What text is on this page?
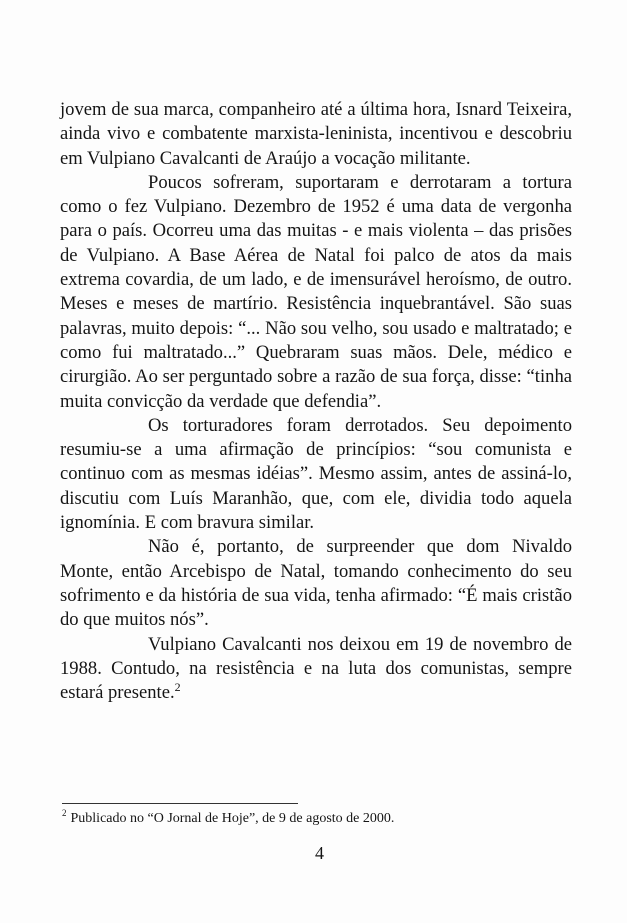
jovem de sua marca, companheiro até a última hora, Isnard Teixeira, ainda vivo e combatente marxista-leninista, incentivou e descobriu em Vulpiano Cavalcanti de Araújo a vocação militante.

Poucos sofreram, suportaram e derrotaram a tortura como o fez Vulpiano. Dezembro de 1952 é uma data de vergonha para o país. Ocorreu uma das muitas - e mais violenta – das prisões de Vulpiano. A Base Aérea de Natal foi palco de atos da mais extrema covardia, de um lado, e de imensurável heroísmo, de outro. Meses e meses de martírio. Resistência inquebrantável. São suas palavras, muito depois: “... Não sou velho, sou usado e maltratado; e como fui maltratado...” Quebraram suas mãos. Dele, médico e cirurgião. Ao ser perguntado sobre a razão de sua força, disse: “tinha muita convicção da verdade que defendia”.

Os torturadores foram derrotados. Seu depoimento resumiu-se a uma afirmação de princípios: “sou comunista e continuo com as mesmas idéias”. Mesmo assim, antes de assiná-lo, discutiu com Luís Maranhão, que, com ele, dividia todo aquela ignomínia. E com bravura similar.

Não é, portanto, de surpreender que dom Nivaldo Monte, então Arcebispo de Natal, tomando conhecimento do seu sofrimento e da história de sua vida, tenha afirmado: “É mais cristão do que muitos nós”.

Vulpiano Cavalcanti nos deixou em 19 de novembro de 1988. Contudo, na resistência e na luta dos comunistas, sempre estará presente.$^2$

$^2$ Publicado no “O Jornal de Hoje”, de 9 de agosto de 2000.
4
